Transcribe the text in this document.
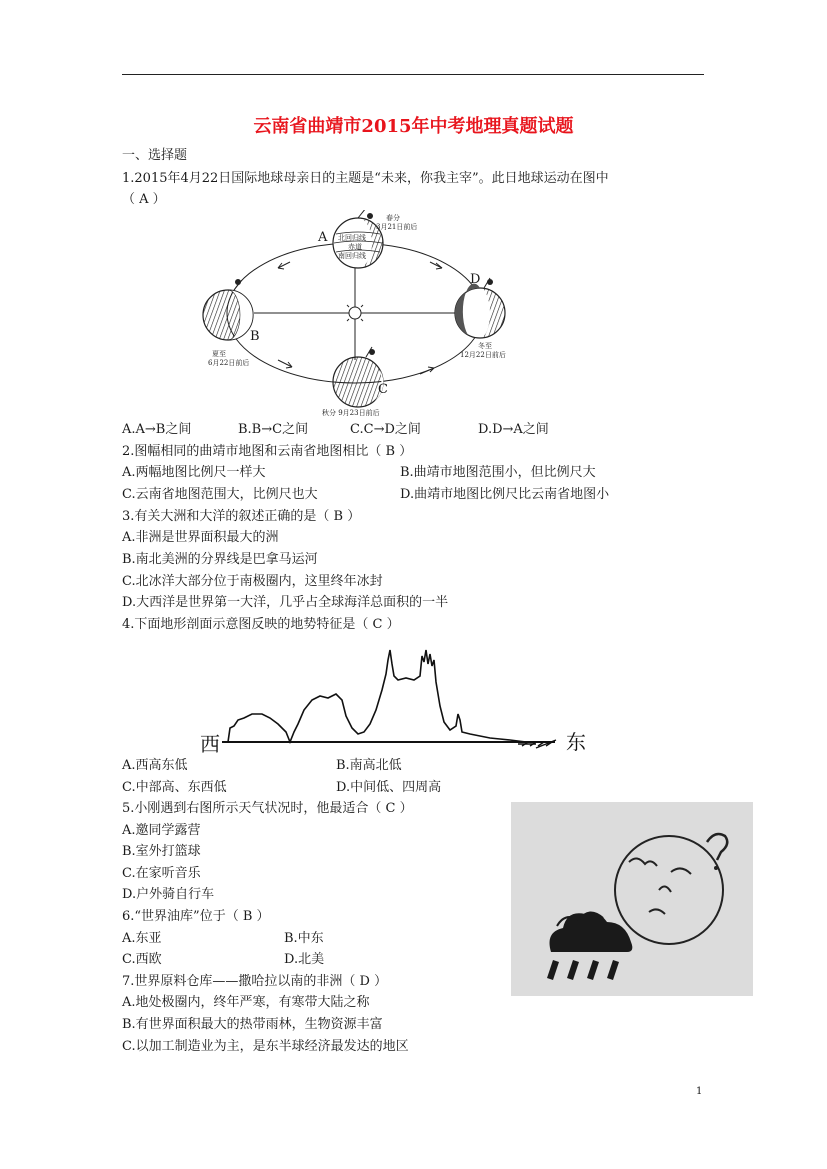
云南省曲靖市2015年中考地理真题试题
一、选择题
1.2015年4月22日国际地球母亲日的主题是“未来，你我主宰”。此日地球运动在图中
（ A ）
A
B
C
D
北回归线
赤道
南回归线
春分
3月21日前后
夏至
6月22日前后
秋分 9月23日前后
冬至
12月22日前后
A.A→B之间	B.B→C之间	C.C→D之间	D.D→A之间
2.图幅相同的曲靖市地图和云南省地图相比（ B ）
A.两幅地图比例尺一样大	B.曲靖市地图范围小，但比例尺大
C.云南省地图范围大，比例尺也大	D.曲靖市地图比例尺比云南省地图小
3.有关大洲和大洋的叙述正确的是（ B ）
A.非洲是世界面积最大的洲
B.南北美洲的分界线是巴拿马运河
C.北冰洋大部分位于南极圈内，这里终年冰封
D.大西洋是世界第一大洋，几乎占全球海洋总面积的一半
4.下面地形剖面示意图反映的地势特征是（ C ）
西	东
A.西高东低	B.南高北低
C.中部高、东西低	D.中间低、四周高
5.小刚遇到右图所示天气状况时，他最适合（ C ）
A.邀同学露营
B.室外打篮球
C.在家听音乐
D.户外骑自行车
6.“世界油库”位于（ B ）
A.东亚	B.中东
C.西欧	D.北美
7.世界原料仓库——撒哈拉以南的非洲（ D ）
A.地处极圈内，终年严寒，有寒带大陆之称
B.有世界面积最大的热带雨林，生物资源丰富
C.以加工制造业为主，是东半球经济最发达的地区
1
